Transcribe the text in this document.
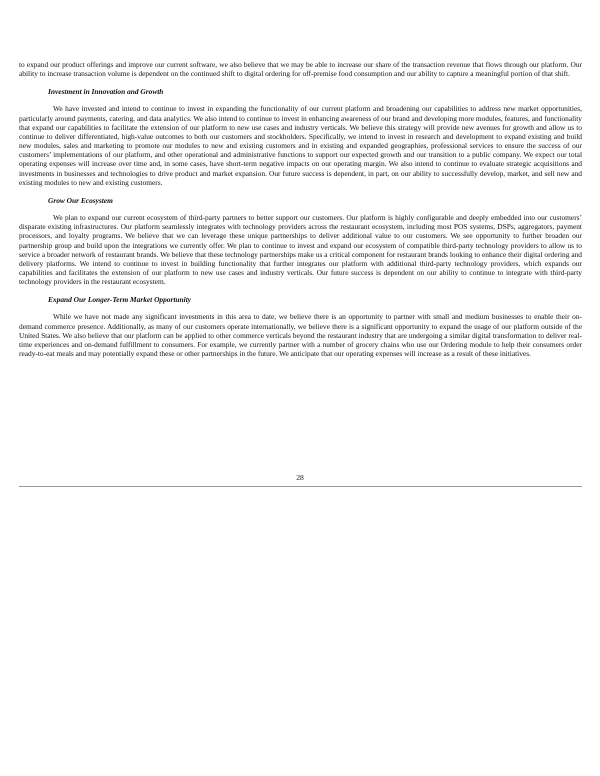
to expand our product offerings and improve our current software, we also believe that we may be able to increase our share of the transaction revenue that flows through our platform. Our ability to increase transaction volume is dependent on the continued shift to digital ordering for off-premise food consumption and our ability to capture a meaningful portion of that shift.

Investment in Innovation and Growth

We have invested and intend to continue to invest in expanding the functionality of our current platform and broadening our capabilities to address new market opportunities, particularly around payments, catering, and data analytics. We also intend to continue to invest in enhancing awareness of our brand and developing more modules, features, and functionality that expand our capabilities to facilitate the extension of our platform to new use cases and industry verticals. We believe this strategy will provide new avenues for growth and allow us to continue to deliver differentiated, high-value outcomes to both our customers and stockholders. Specifically, we intend to invest in research and development to expand existing and build new modules, sales and marketing to promote our modules to new and existing customers and in existing and expanded geographies, professional services to ensure the success of our customers’ implementations of our platform, and other operational and administrative functions to support our expected growth and our transition to a public company. We expect our total operating expenses will increase over time and, in some cases, have short-term negative impacts on our operating margin. We also intend to continue to evaluate strategic acquisitions and investments in businesses and technologies to drive product and market expansion. Our future success is dependent, in part, on our ability to successfully develop, market, and sell new and existing modules to new and existing customers.

Grow Our Ecosystem

We plan to expand our current ecosystem of third-party partners to better support our customers. Our platform is highly configurable and deeply embedded into our customers’ disparate existing infrastructures. Our platform seamlessly integrates with technology providers across the restaurant ecosystem, including most POS systems, DSPs, aggregators, payment processors, and loyalty programs. We believe that we can leverage these unique partnerships to deliver additional value to our customers. We see opportunity to further broaden our partnership group and build upon the integrations we currently offer. We plan to continue to invest and expand our ecosystem of compatible third-party technology providers to allow us to service a broader network of restaurant brands. We believe that these technology partnerships make us a critical component for restaurant brands looking to enhance their digital ordering and delivery platforms. We intend to continue to invest in building functionality that further integrates our platform with additional third-party technology providers, which expands our capabilities and facilitates the extension of our platform to new use cases and industry verticals. Our future success is dependent on our ability to continue to integrate with third-party technology providers in the restaurant ecosystem.

Expand Our Longer-Term Market Opportunity

While we have not made any significant investments in this area to date, we believe there is an opportunity to partner with small and medium businesses to enable their on-demand commerce presence. Additionally, as many of our customers operate internationally, we believe there is a significant opportunity to expand the usage of our platform outside of the United States. We also believe that our platform can be applied to other commerce verticals beyond the restaurant industry that are undergoing a similar digital transformation to deliver real-time experiences and on-demand fulfillment to consumers. For example, we currently partner with a number of grocery chains who use our Ordering module to help their consumers order ready-to-eat meals and may potentially expand these or other partnerships in the future. We anticipate that our operating expenses will increase as a result of these initiatives.

28
